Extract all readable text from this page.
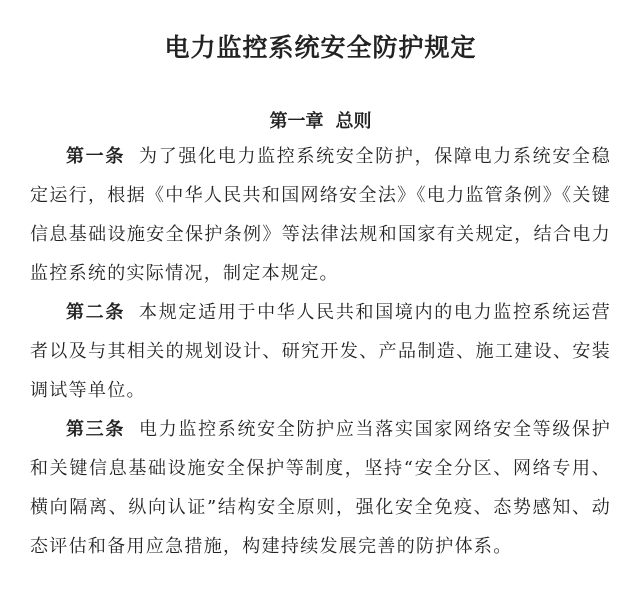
电力监控系统安全防护规定
第一章 总则

第一条 为了强化电力监控系统安全防护，保障电力系统安全稳定运行，根据《中华人民共和国网络安全法》《电力监管条例》《关键信息基础设施安全保护条例》等法律法规和国家有关规定，结合电力监控系统的实际情况，制定本规定。

第二条 本规定适用于中华人民共和国境内的电力监控系统运营者以及与其相关的规划设计、研究开发、产品制造、施工建设、安装调试等单位。

第三条 电力监控系统安全防护应当落实国家网络安全等级保护和关键信息基础设施安全保护等制度，坚持“安全分区、网络专用、横向隔离、纵向认证”结构安全原则，强化安全免疫、态势感知、动态评估和备用应急措施，构建持续发展完善的防护体系。
